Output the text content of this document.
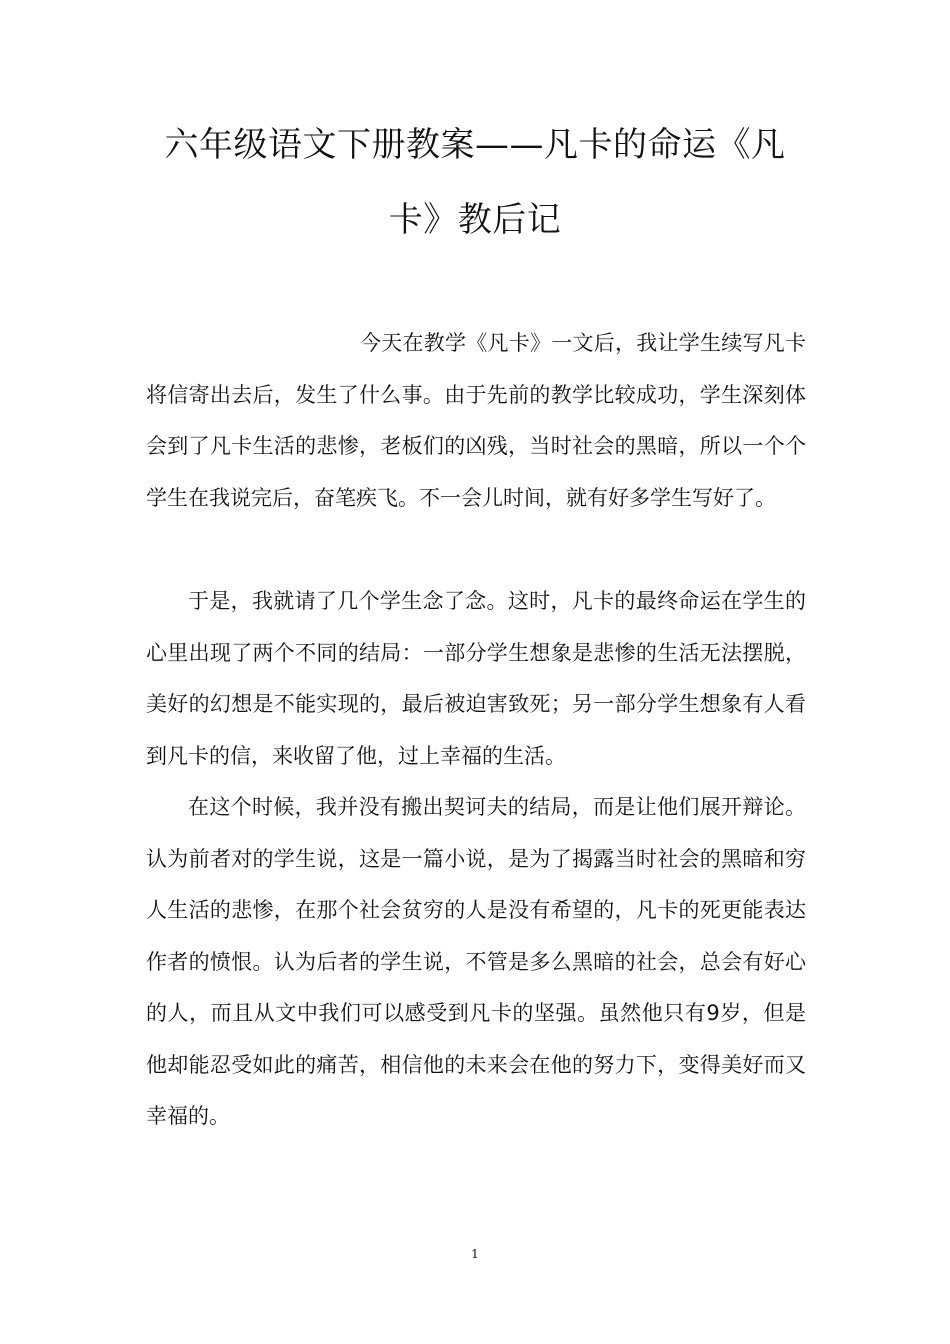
六年级语文下册教案——凡卡的命运《凡
卡》教后记

今天在教学《凡卡》一文后，我让学生续写凡卡将信寄出去后，发生了什么事。由于先前的教学比较成功，学生深刻体会到了凡卡生活的悲惨，老板们的凶残，当时社会的黑暗，所以一个个学生在我说完后，奋笔疾飞。不一会儿时间，就有好多学生写好了。

于是，我就请了几个学生念了念。这时，凡卡的最终命运在学生的心里出现了两个不同的结局：一部分学生想象是悲惨的生活无法摆脱，美好的幻想是不能实现的，最后被迫害致死；另一部分学生想象有人看到凡卡的信，来收留了他，过上幸福的生活。

在这个时候，我并没有搬出契诃夫的结局，而是让他们展开辩论。认为前者对的学生说，这是一篇小说，是为了揭露当时社会的黑暗和穷人生活的悲惨，在那个社会贫穷的人是没有希望的，凡卡的死更能表达作者的愤恨。认为后者的学生说，不管是多么黑暗的社会，总会有好心的人，而且从文中我们可以感受到凡卡的坚强。虽然他只有9岁，但是他却能忍受如此的痛苦，相信他的未来会在他的努力下，变得美好而又幸福的。

1
